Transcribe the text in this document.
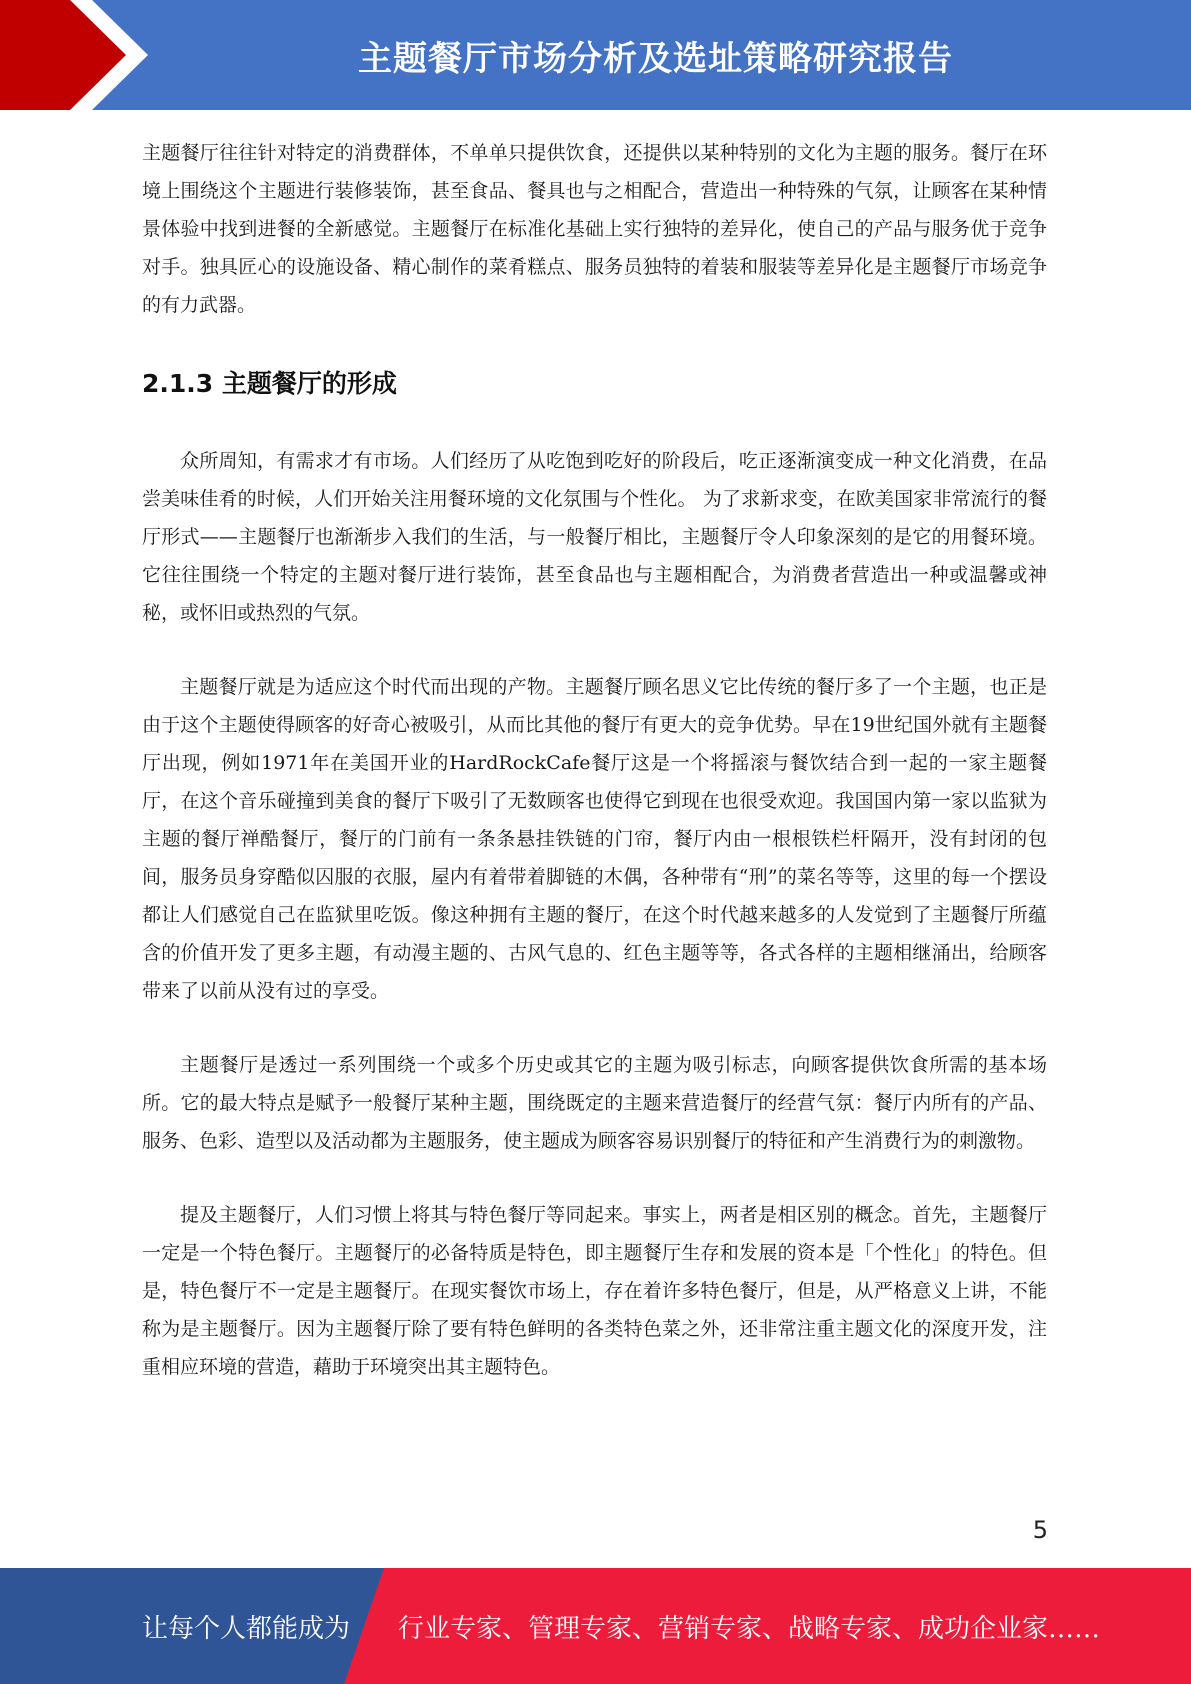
主题餐厅市场分析及选址策略研究报告

主题餐厅往往针对特定的消费群体，不单单只提供饮食，还提供以某种特别的文化为主题的服务。餐厅在环境上围绕这个主题进行装修装饰，甚至食品、餐具也与之相配合，营造出一种特殊的气氛，让顾客在某种情景体验中找到进餐的全新感觉。主题餐厅在标准化基础上实行独特的差异化，使自己的产品与服务优于竞争对手。独具匠心的设施设备、精心制作的菜肴糕点、服务员独特的着装和服装等差异化是主题餐厅市场竞争的有力武器。

2.1.3 主题餐厅的形成

众所周知，有需求才有市场。人们经历了从吃饱到吃好的阶段后，吃正逐渐演变成一种文化消费，在品尝美味佳肴的时候，人们开始关注用餐环境的文化氛围与个性化。 为了求新求变，在欧美国家非常流行的餐厅形式——主题餐厅也渐渐步入我们的生活，与一般餐厅相比，主题餐厅令人印象深刻的是它的用餐环境。它往往围绕一个特定的主题对餐厅进行装饰，甚至食品也与主题相配合，为消费者营造出一种或温馨或神秘，或怀旧或热烈的气氛。

主题餐厅就是为适应这个时代而出现的产物。主题餐厅顾名思义它比传统的餐厅多了一个主题，也正是由于这个主题使得顾客的好奇心被吸引，从而比其他的餐厅有更大的竞争优势。早在19世纪国外就有主题餐厅出现，例如1971年在美国开业的HardRockCafe餐厅这是一个将摇滚与餐饮结合到一起的一家主题餐厅，在这个音乐碰撞到美食的餐厅下吸引了无数顾客也使得它到现在也很受欢迎。我国国内第一家以监狱为主题的餐厅禅酷餐厅，餐厅的门前有一条条悬挂铁链的门帘，餐厅内由一根根铁栏杆隔开，没有封闭的包间，服务员身穿酷似囚服的衣服，屋内有着带着脚链的木偶，各种带有“刑”的菜名等等，这里的每一个摆设都让人们感觉自己在监狱里吃饭。像这种拥有主题的餐厅，在这个时代越来越多的人发觉到了主题餐厅所蕴含的价值开发了更多主题，有动漫主题的、古风气息的、红色主题等等，各式各样的主题相继涌出，给顾客带来了以前从没有过的享受。

主题餐厅是透过一系列围绕一个或多个历史或其它的主题为吸引标志，向顾客提供饮食所需的基本场所。它的最大特点是赋予一般餐厅某种主题，围绕既定的主题来营造餐厅的经营气氛：餐厅内所有的产品、服务、色彩、造型以及活动都为主题服务，使主题成为顾客容易识别餐厅的特征和产生消费行为的刺激物。

提及主题餐厅，人们习惯上将其与特色餐厅等同起来。事实上，两者是相区别的概念。首先，主题餐厅一定是一个特色餐厅。主题餐厅的必备特质是特色，即主题餐厅生存和发展的资本是「个性化」的特色。但是，特色餐厅不一定是主题餐厅。在现实餐饮市场上，存在着许多特色餐厅，但是，从严格意义上讲，不能称为是主题餐厅。因为主题餐厅除了要有特色鲜明的各类特色菜之外，还非常注重主题文化的深度开发，注重相应环境的营造，藉助于环境突出其主题特色。

5
让每个人都能成为 行业专家、管理专家、营销专家、战略专家、成功企业家……
